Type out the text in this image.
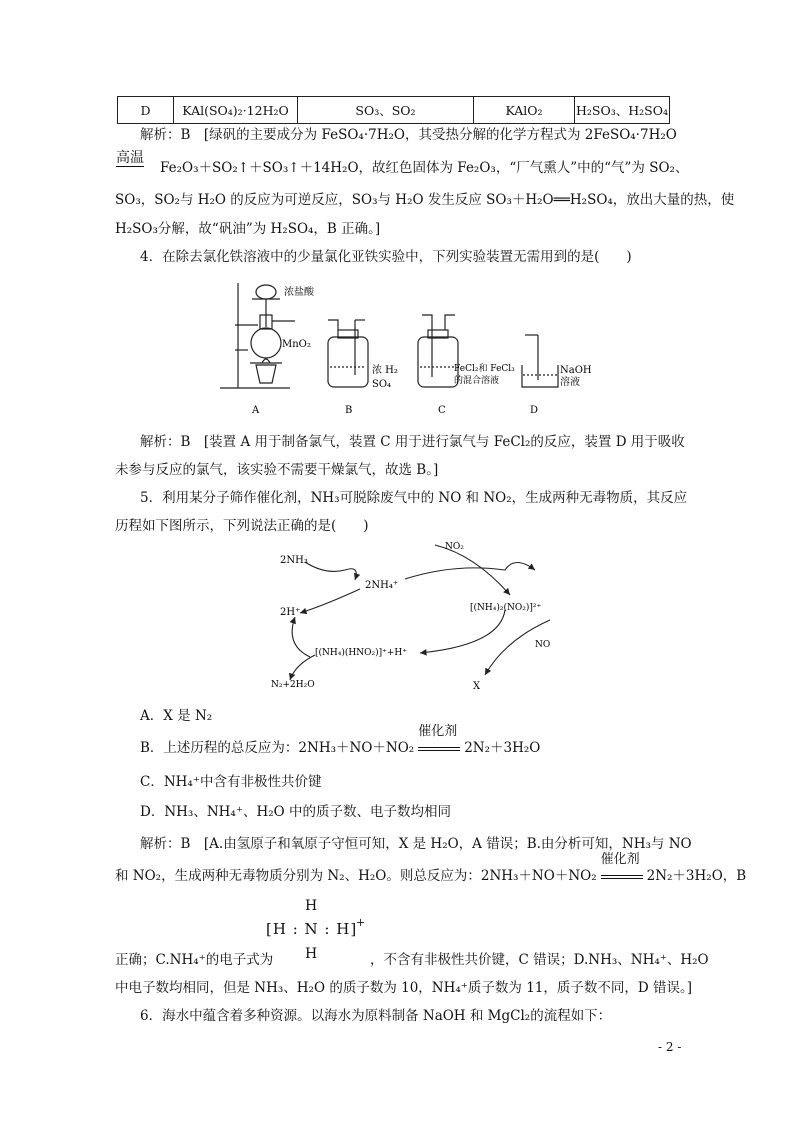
D	KAl(SO₄)₂·12H₂O	SO₃、SO₂	KAlO₂	H₂SO₃、H₂SO₄
解析：B　[绿矾的主要成分为 FeSO₄·7H₂O，其受热分解的化学方程式为 2FeSO₄·7H₂O
高温
Fe₂O₃＋SO₂↑＋SO₃↑＋14H₂O，故红色固体为 Fe₂O₃，“厂气熏人”中的“气”为 SO₂、
SO₃，SO₂与 H₂O 的反应为可逆反应，SO₃与 H₂O 发生反应 SO₃＋H₂O══H₂SO₄，放出大量的热，使
H₂SO₃分解，故“矾油”为 H₂SO₄，B 正确。]
4．在除去氯化铁溶液中的少量氯化亚铁实验中，下列实验装置无需用到的是(　　)
浓盐酸
MnO₂
浓 H₂
SO₄
FeCl₂和 FeCl₃
的混合溶液
NaOH
溶液
A	B	C	D
解析：B　[装置 A 用于制备氯气，装置 C 用于进行氯气与 FeCl₂的反应，装置 D 用于吸收
未参与反应的氯气，该实验不需要干燥氯气，故选 B。]
5．利用某分子筛作催化剂，NH₃可脱除废气中的 NO 和 NO₂，生成两种无毒物质，其反应
历程如下图所示，下列说法正确的是(　　)
2NH₃
2NH₄⁺
NO₂
[(NH₄)₂(NO₂)]²⁺
2H⁺
NO
[(NH₄)(HNO₂)]⁺+H⁺
N₂+2H₂O	X
A．X 是 N₂
B．上述历程的总反应为：2NH₃＋NO＋NO₂
催化剂
2N₂＋3H₂O
C．NH₄⁺中含有非极性共价键
D．NH₃、NH₄⁺、H₂O 中的质子数、电子数均相同
解析：B　[A.由氢原子和氧原子守恒可知，X 是 H₂O，A 错误；B.由分析可知，NH₃与 NO
和 NO₂，生成两种无毒物质分别为 N₂、H₂O。则总反应为：2NH₃＋NO＋NO₂
催化剂
2N₂＋3H₂O，B
H
[H : N : H]
+
H
正确；C.NH₄⁺的电子式为	，不含有非极性共价键，C 错误；D.NH₃、NH₄⁺、H₂O
中电子数均相同，但是 NH₃、H₂O 的质子数为 10，NH₄⁺质子数为 11，质子数不同，D 错误。]
6．海水中蕴含着多种资源。以海水为原料制备 NaOH 和 MgCl₂的流程如下：
- 2 -
